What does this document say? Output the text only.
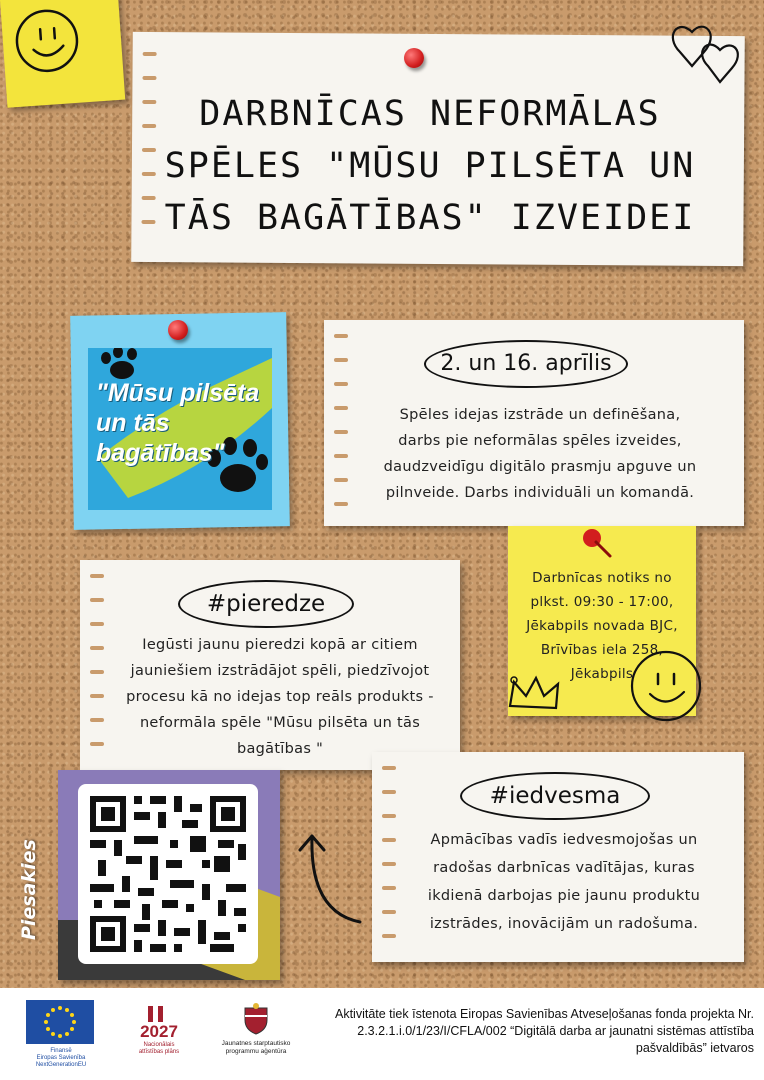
DARBNĪCAS NEFORMĀLAS
SPĒLES "MŪSU PILSĒTA UN
TĀS BAGĀTĪBAS" IZVEIDEI
"Mūsu pilsēta
un tās
bagātības"
2. un 16. aprīlis
Spēles idejas izstrāde un definēšana,
darbs pie neformālas spēles izveides,
daudzveidīgu digitālo prasmju apguve un
pilnveide. Darbs individuāli un komandā.
Darbnīcas notiks no
plkst. 09:30 - 17:00,
Jēkabpils novada BJC,
Brīvības iela 258,
Jēkabpils
#pieredze
Iegūsti jaunu pieredzi kopā ar citiem
jauniešiem izstrādājot spēli, piedzīvojot
procesu kā no idejas top reāls produkts -
neformāla spēle "Mūsu pilsēta un tās
bagātības "
Piesakies
#iedvesma
Apmācības vadīs iedvesmojošas un
radošas darbnīcas vadītājas, kuras
ikdienā darbojas pie jaunu produktu
izstrādes, inovācijām un radošuma.
Finansē
Eiropas Savienība
NextGenerationEU
2027
Nacionālais
attīstības plāns
Jaunatnes starptautisko
programmu aģentūra
Aktivitāte tiek īstenota Eiropas Savienības Atveseļošanas fonda projekta Nr. 2.3.2.1.i.0/1/23/I/CFLA/002 “Digitālā darba ar jaunatni sistēmas attīstība pašvaldībās” ietvaros
